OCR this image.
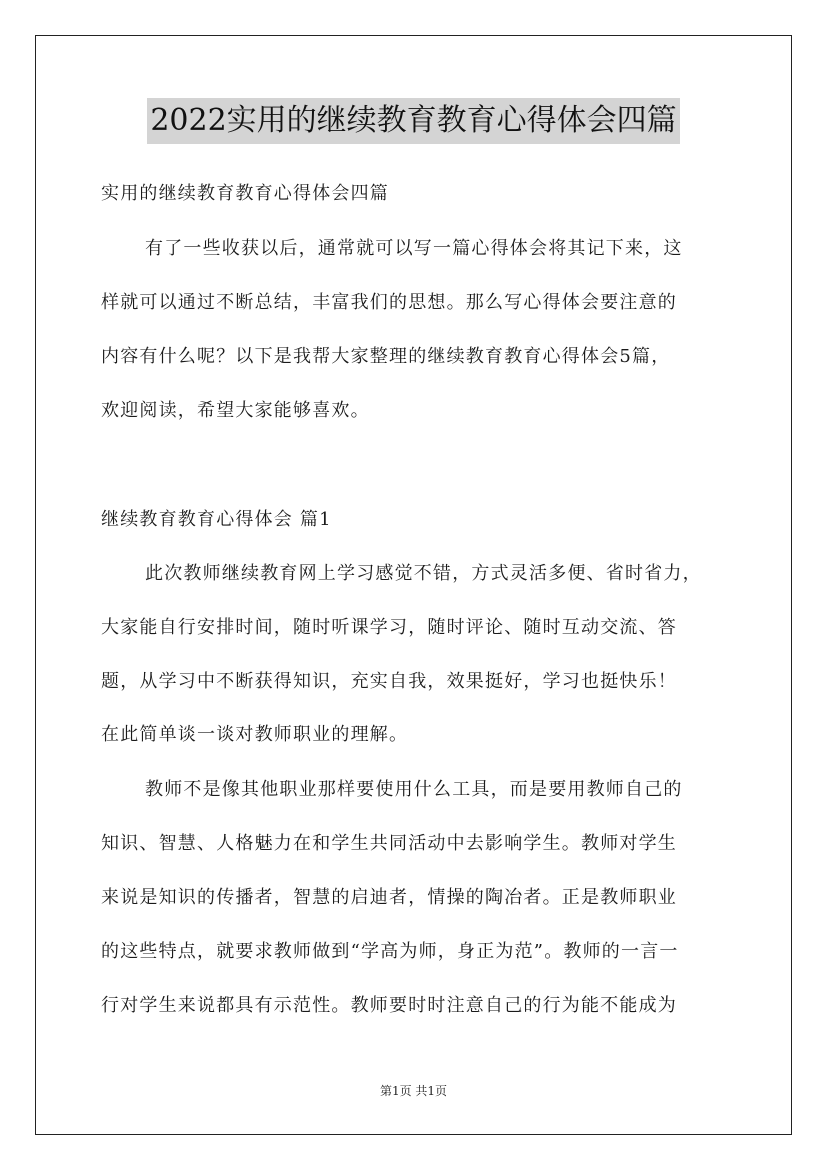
2022实用的继续教育教育心得体会四篇
实用的继续教育教育心得体会四篇
有了一些收获以后，通常就可以写一篇心得体会将其记下来，这
样就可以通过不断总结，丰富我们的思想。那么写心得体会要注意的
内容有什么呢？以下是我帮大家整理的继续教育教育心得体会5篇，
欢迎阅读，希望大家能够喜欢。
继续教育教育心得体会 篇1
此次教师继续教育网上学习感觉不错，方式灵活多便、省时省力，
大家能自行安排时间，随时听课学习，随时评论、随时互动交流、答
题，从学习中不断获得知识，充实自我，效果挺好，学习也挺快乐！
在此简单谈一谈对教师职业的理解。
教师不是像其他职业那样要使用什么工具，而是要用教师自己的
知识、智慧、人格魅力在和学生共同活动中去影响学生。教师对学生
来说是知识的传播者，智慧的启迪者，情操的陶冶者。正是教师职业
的这些特点，就要求教师做到“学高为师，身正为范”。教师的一言一
行对学生来说都具有示范性。教师要时时注意自己的行为能不能成为
第1页 共1页
